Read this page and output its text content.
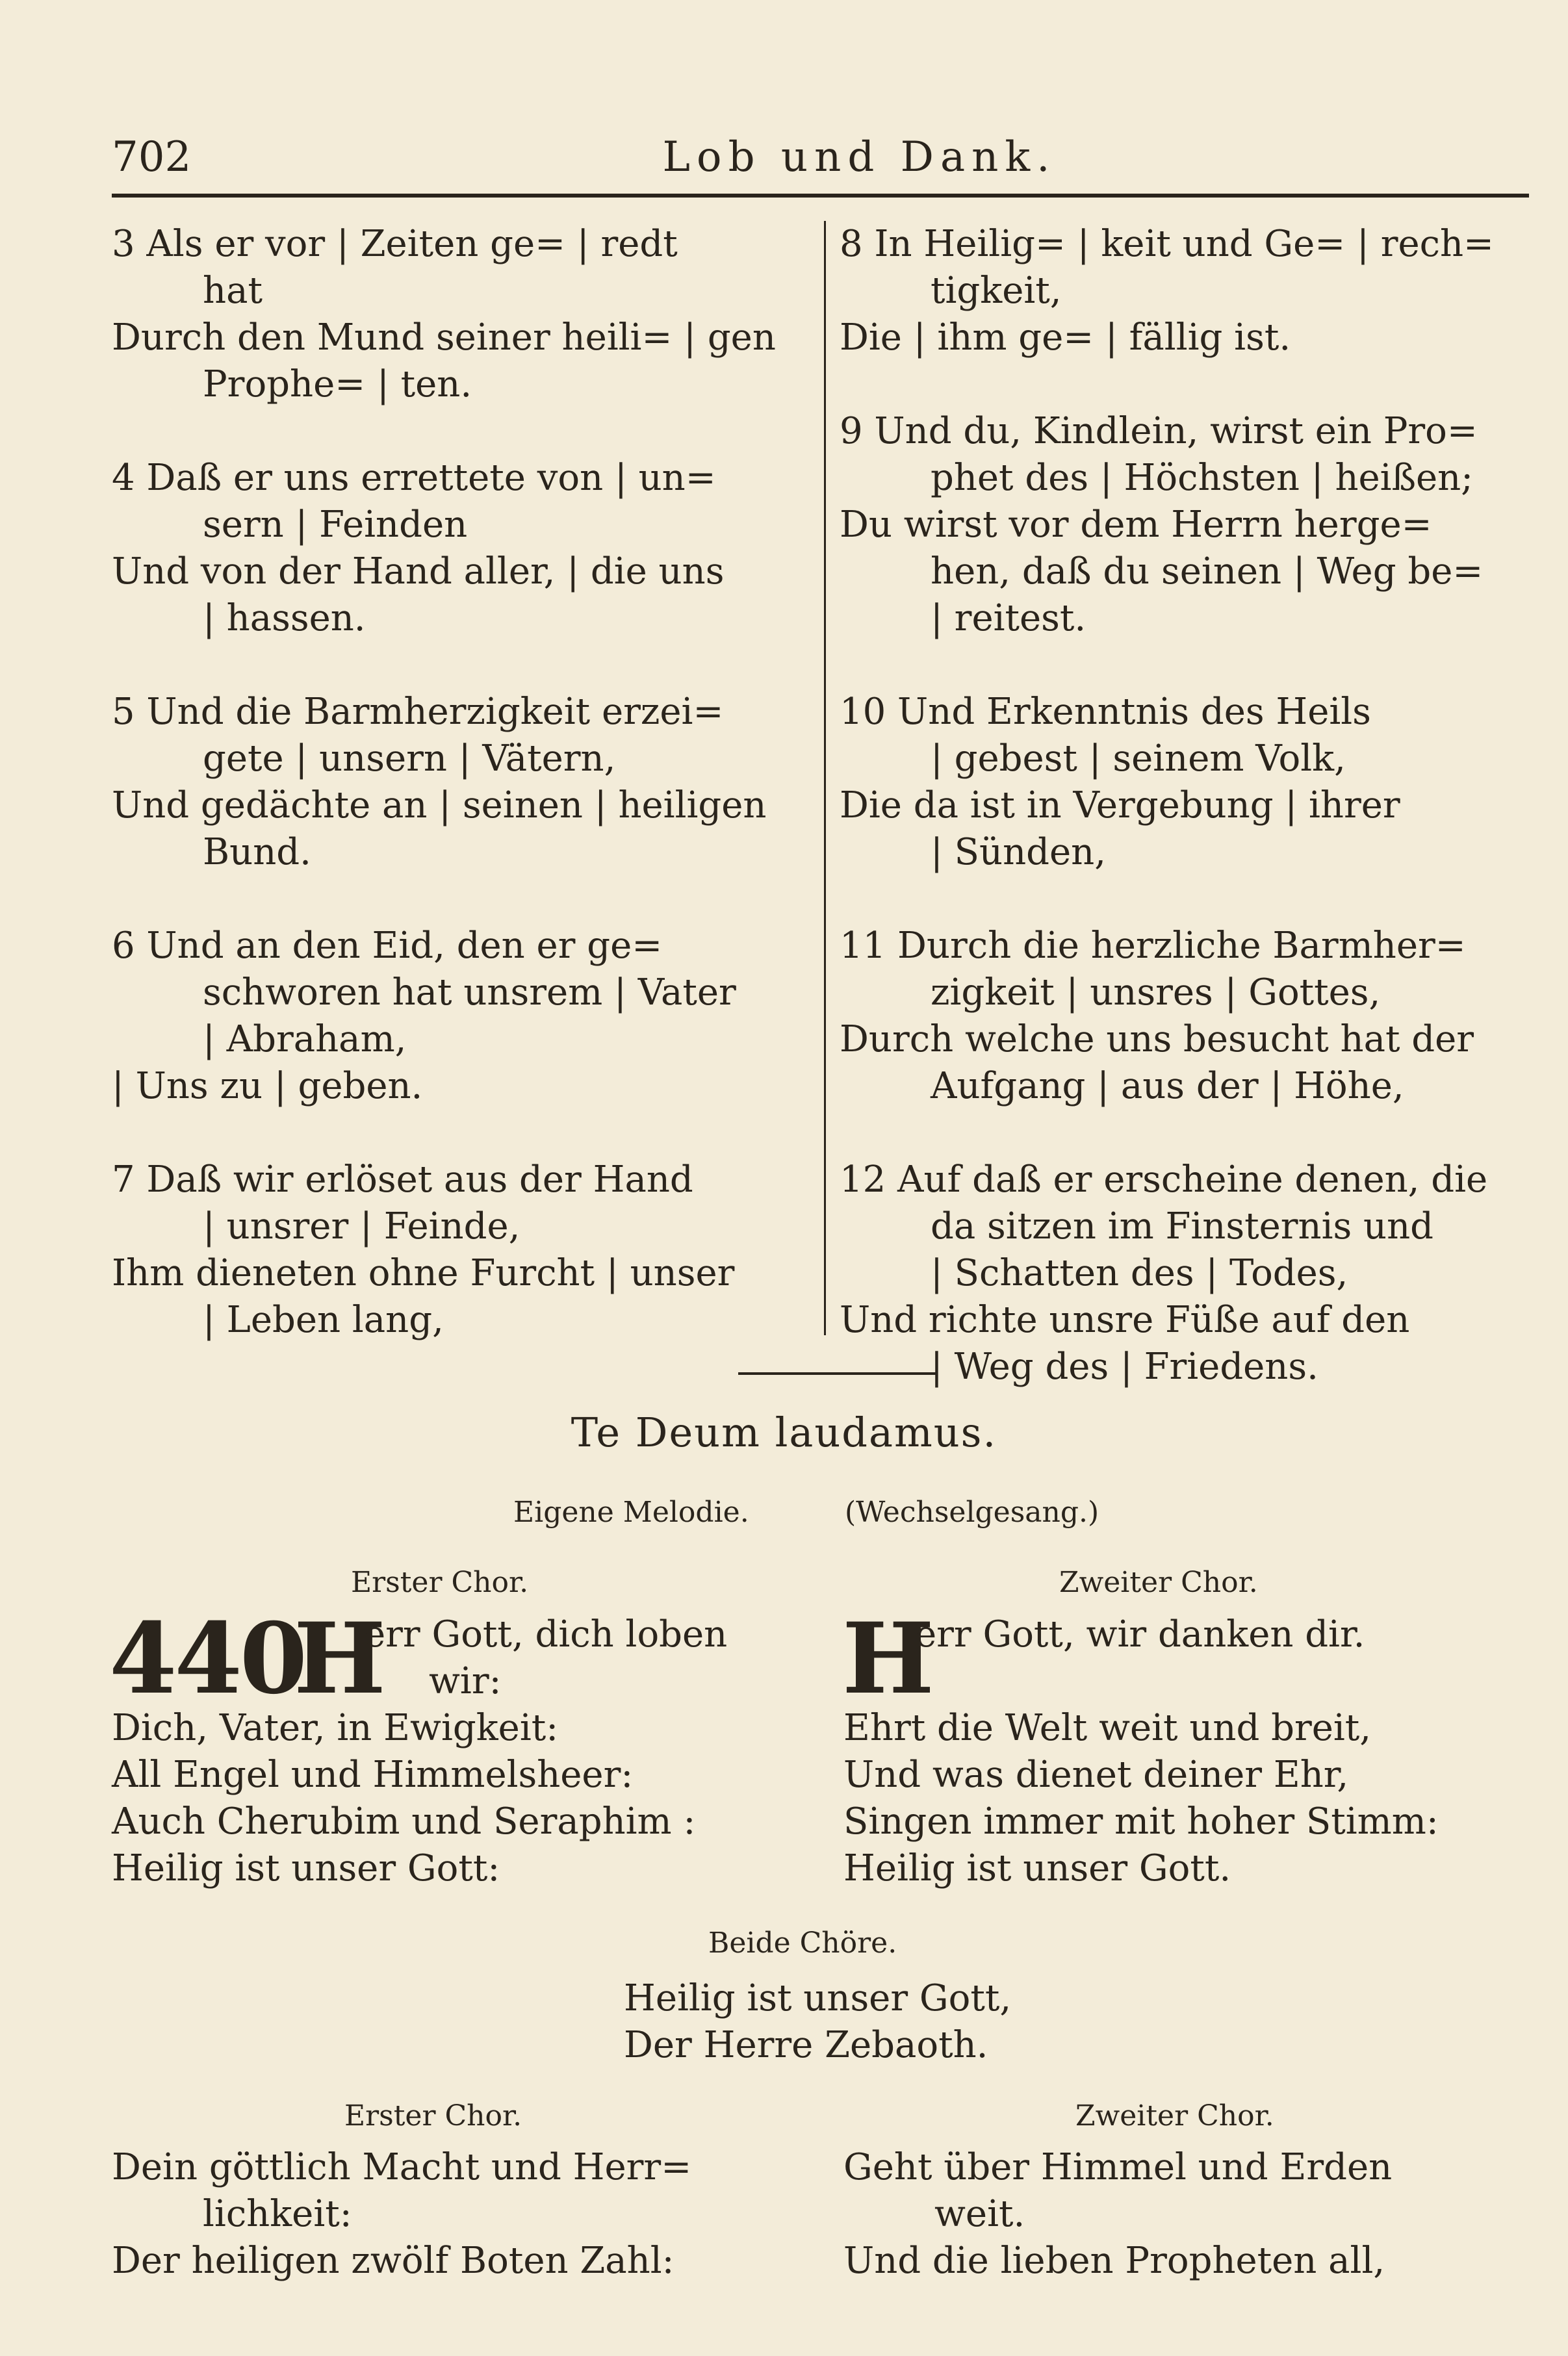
702	Lob und Dank.
3 Als er vor | Zeiten ge= | redt
hat
Durch den Mund seiner heili= | gen
Prophe= | ten.
4 Daß er uns errettete von | un=
sern | Feinden
Und von der Hand aller, | die uns
| hassen.
5 Und die Barmherzigkeit erzei=
gete | unsern | Vätern,
Und gedächte an | seinen | heiligen
Bund.
6 Und an den Eid, den er ge=
schworen hat unsrem | Vater
| Abraham,
| Uns zu | geben.
7 Daß wir erlöset aus der Hand
| unsrer | Feinde,
Ihm dieneten ohne Furcht | unser
| Leben lang,
8 In Heilig= | keit und Ge= | rech=
tigkeit,
Die | ihm ge= | fällig ist.
9 Und du, Kindlein, wirst ein Pro=
phet des | Höchsten | heißen;
Du wirst vor dem Herrn herge=
hen, daß du seinen | Weg be=
| reitest.
10 Und Erkenntnis des Heils
| gebest | seinem Volk,
Die da ist in Vergebung | ihrer
| Sünden,
11 Durch die herzliche Barmher=
zigkeit | unsres | Gottes,
Durch welche uns besucht hat der
Aufgang | aus der | Höhe,
12 Auf daß er erscheine denen, die
da sitzen im Finsternis und
| Schatten des | Todes,
Und richte unsre Füße auf den
| Weg des | Friedens.
Te Deum laudamus.
Eigene Melodie.	(Wechselgesang.)
Erster Chor.	Zweiter Chor.
440
H	H
err Gott, dich loben
wir:
Dich, Vater, in Ewigkeit:
All Engel und Himmelsheer:
Auch Cherubim und Seraphim :
Heilig ist unser Gott:
err Gott, wir danken dir.
Ehrt die Welt weit und breit,
Und was dienet deiner Ehr,
Singen immer mit hoher Stimm:
Heilig ist unser Gott.
Beide Chöre.
Heilig ist unser Gott,
Der Herre Zebaoth.
Erster Chor.	Zweiter Chor.
Dein göttlich Macht und Herr=
lichkeit:
Der heiligen zwölf Boten Zahl:
Geht über Himmel und Erden
weit.
Und die lieben Propheten all,
